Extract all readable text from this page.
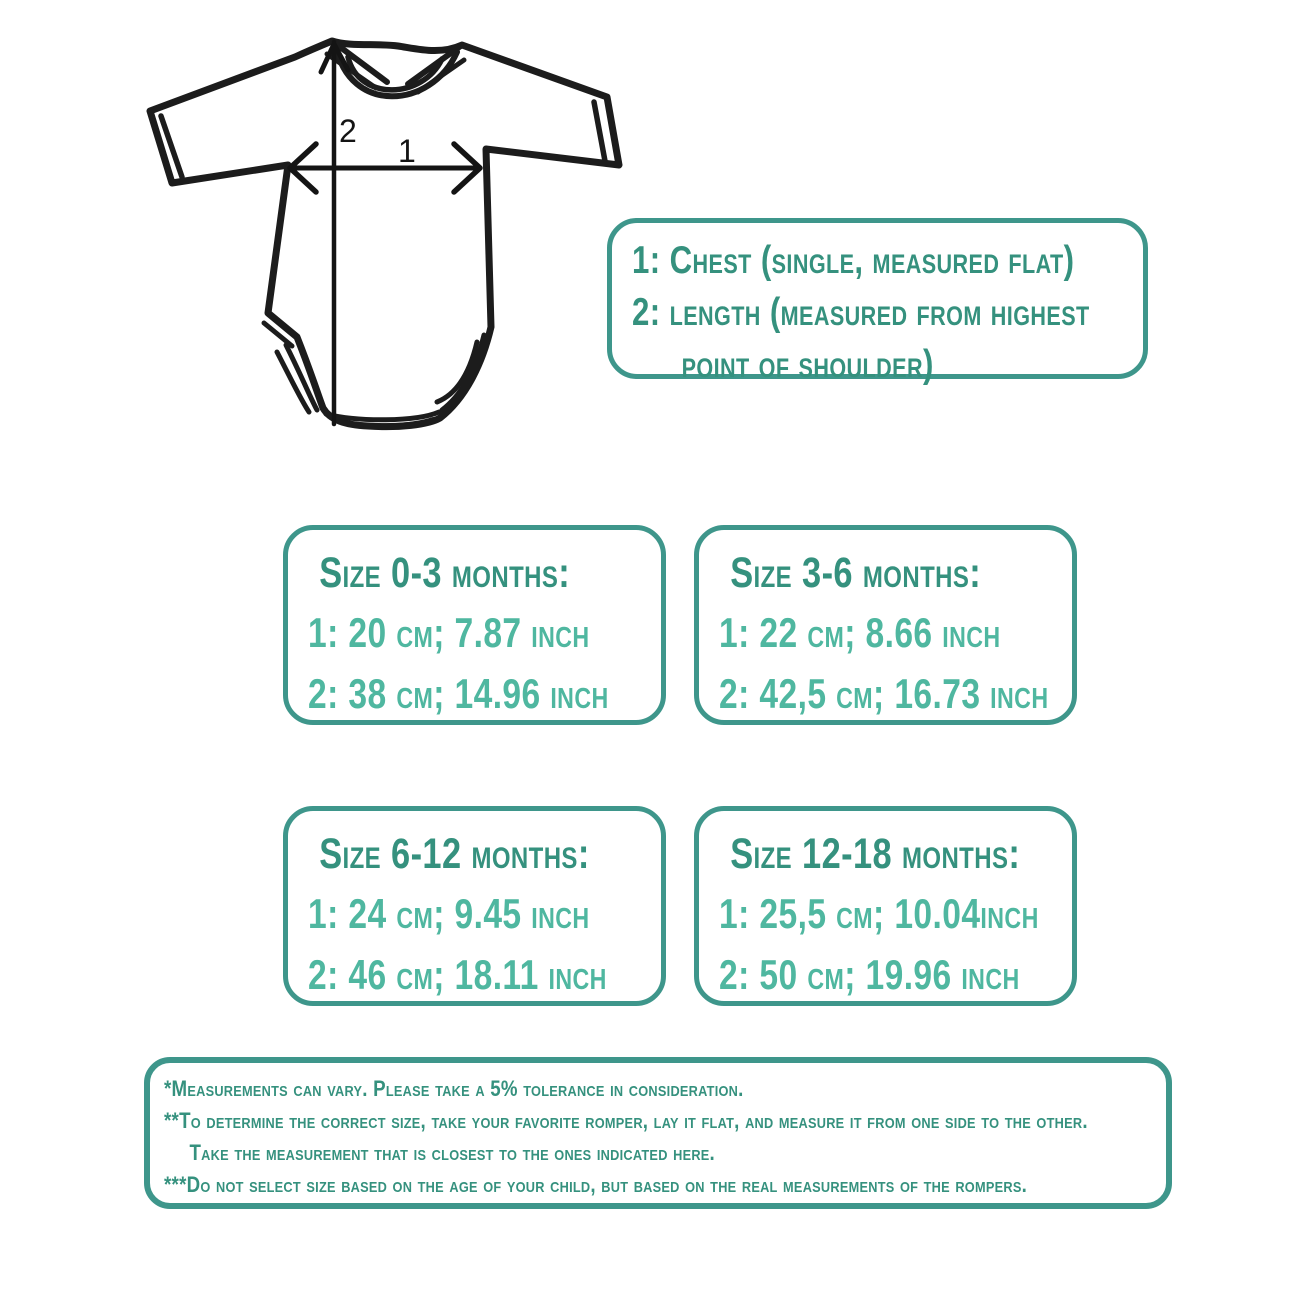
2
1
1: Chest (single, measured flat)
2: length (measured from highest
point of shoulder)
Size 0-3 months:
1: 20 cm; 7.87 inch
2: 38 cm; 14.96 inch
Size 3-6 months:
1: 22 cm; 8.66 inch
2: 42,5 cm; 16.73 inch
Size 6-12 months:
1: 24 cm; 9.45 inch
2: 46 cm; 18.11 inch
Size 12-18 months:
1: 25,5 cm; 10.04inch
2: 50 cm; 19.96 inch
*Measurements can vary. Please take a 5% tolerance in consideration.
**To determine the correct size, take your favorite romper, lay it flat, and measure it from one side to the other.
Take the measurement that is closest to the ones indicated here.
***Do not select size based on the age of your child, but based on the real measurements of the rompers.
